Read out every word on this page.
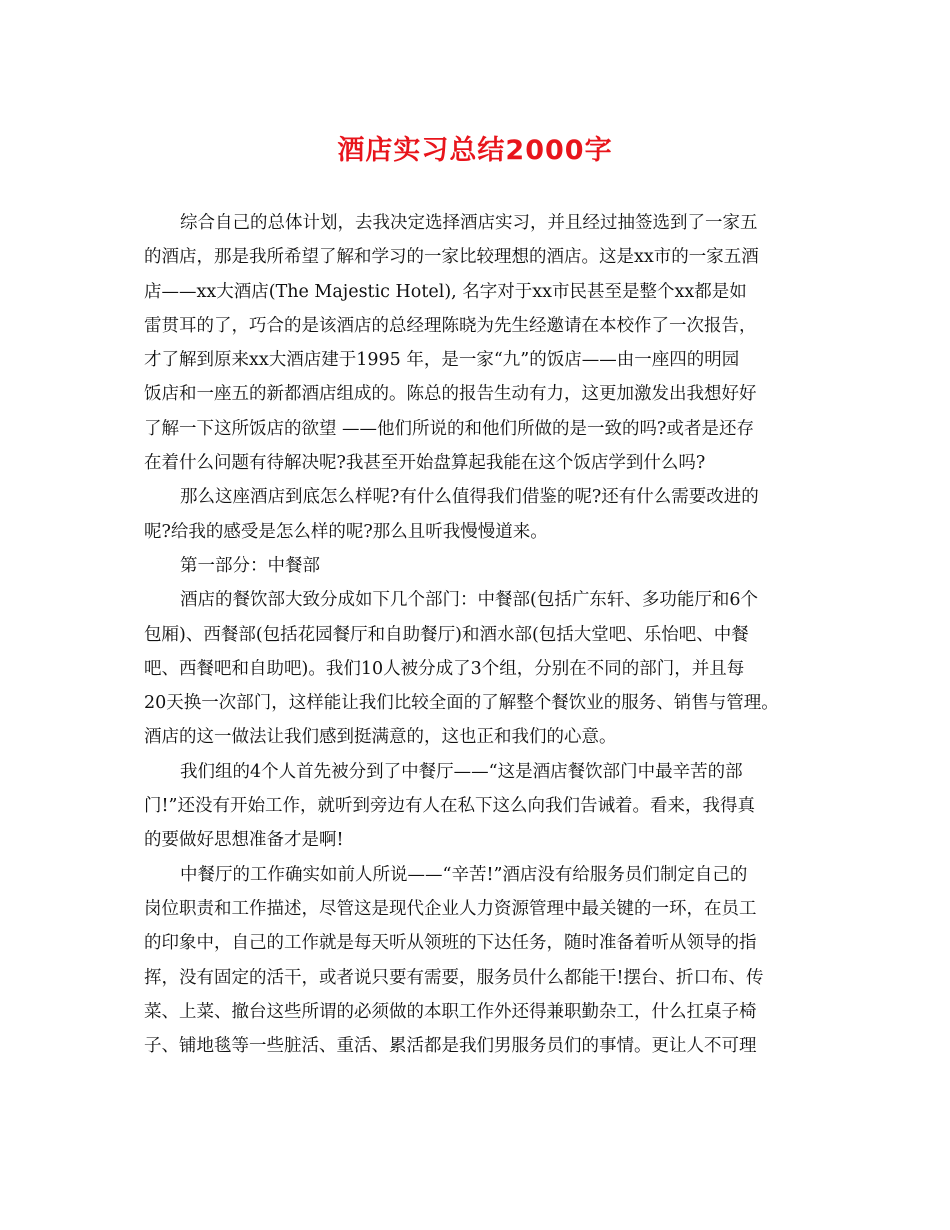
酒店实习总结2000字
综合自己的总体计划，去我决定选择酒店实习，并且经过抽签选到了一家五
的酒店，那是我所希望了解和学习的一家比较理想的酒店。这是xx市的一家五酒
店——xx大酒店(The Majestic Hotel), 名字对于xx市民甚至是整个xx都是如
雷贯耳的了，巧合的是该酒店的总经理陈晓为先生经邀请在本校作了一次报告，
才了解到原来xx大酒店建于1995 年，是一家“九”的饭店——由一座四的明园
饭店和一座五的新都酒店组成的。陈总的报告生动有力，这更加激发出我想好好
了解一下这所饭店的欲望 ——他们所说的和他们所做的是一致的吗?或者是还存
在着什么问题有待解决呢?我甚至开始盘算起我能在这个饭店学到什么吗?
那么这座酒店到底怎么样呢?有什么值得我们借鉴的呢?还有什么需要改进的
呢?给我的感受是怎么样的呢?那么且听我慢慢道来。
第一部分：中餐部
酒店的餐饮部大致分成如下几个部门：中餐部(包括广东轩、多功能厅和6个
包厢)、西餐部(包括花园餐厅和自助餐厅)和酒水部(包括大堂吧、乐怡吧、中餐
吧、西餐吧和自助吧)。我们10人被分成了3个组，分别在不同的部门，并且每
20天换一次部门，这样能让我们比较全面的了解整个餐饮业的服务、销售与管理。
酒店的这一做法让我们感到挺满意的，这也正和我们的心意。
我们组的4个人首先被分到了中餐厅——“这是酒店餐饮部门中最辛苦的部
门!”还没有开始工作，就听到旁边有人在私下这么向我们告诫着。看来，我得真
的要做好思想准备才是啊!
中餐厅的工作确实如前人所说——“辛苦!”酒店没有给服务员们制定自己的
岗位职责和工作描述，尽管这是现代企业人力资源管理中最关键的一环，在员工
的印象中，自己的工作就是每天听从领班的下达任务，随时准备着听从领导的指
挥，没有固定的活干，或者说只要有需要，服务员什么都能干!摆台、折口布、传
菜、上菜、撤台这些所谓的必须做的本职工作外还得兼职勤杂工，什么扛桌子椅
子、铺地毯等一些脏活、重活、累活都是我们男服务员们的事情。更让人不可理
